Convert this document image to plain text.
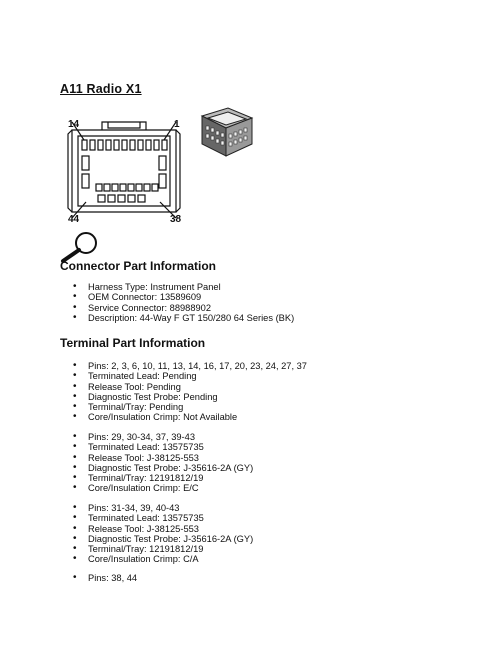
A11 Radio X1
14	1
44	38
Connector Part Information
• Harness Type: Instrument Panel
• OEM Connector: 13589609
• Service Connector: 88988902
• Description: 44-Way F GT 150/280 64 Series (BK)
Terminal Part Information
• Pins: 2, 3, 6, 10, 11, 13, 14, 16, 17, 20, 23, 24, 27, 37
• Terminated Lead: Pending
• Release Tool: Pending
• Diagnostic Test Probe: Pending
• Terminal/Tray: Pending
• Core/Insulation Crimp: Not Available
• Pins: 29, 30-34, 37, 39-43
• Terminated Lead: 13575735
• Release Tool: J-38125-553
• Diagnostic Test Probe: J-35616-2A (GY)
• Terminal/Tray: 12191812/19
• Core/Insulation Crimp: E/C
• Pins: 31-34, 39, 40-43
• Terminated Lead: 13575735
• Release Tool: J-38125-553
• Diagnostic Test Probe: J-35616-2A (GY)
• Terminal/Tray: 12191812/19
• Core/Insulation Crimp: C/A
• Pins: 38, 44
